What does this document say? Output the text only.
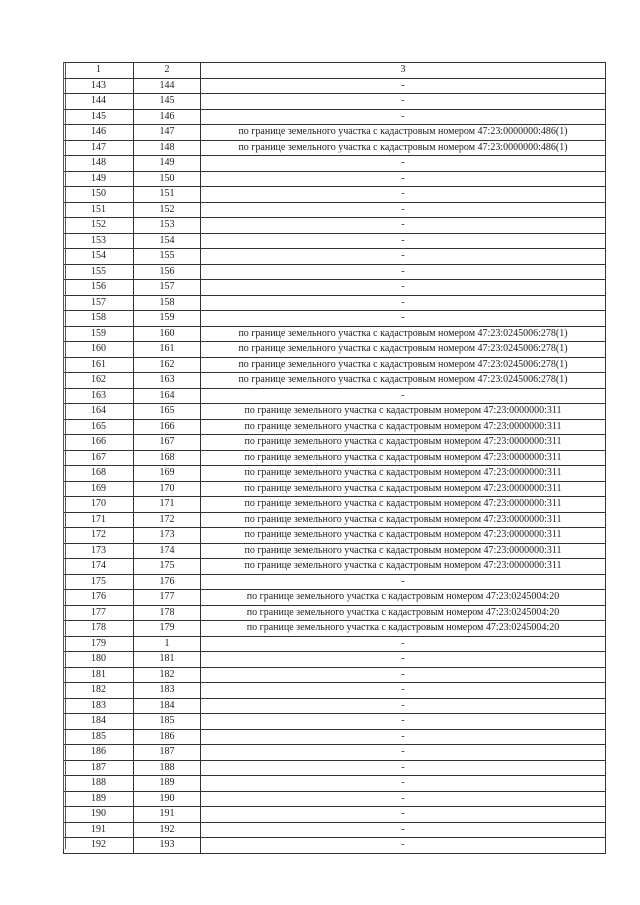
1	2	3
143	144	-
144	145	-
145	146	-
146	147	по границе земельного участка с кадастровым номером 47:23:0000000:486(1)
147	148	по границе земельного участка с кадастровым номером 47:23:0000000:486(1)
148	149	-
149	150	-
150	151	-
151	152	-
152	153	-
153	154	-
154	155	-
155	156	-
156	157	-
157	158	-
158	159	-
159	160	по границе земельного участка с кадастровым номером 47:23:0245006:278(1)
160	161	по границе земельного участка с кадастровым номером 47:23:0245006:278(1)
161	162	по границе земельного участка с кадастровым номером 47:23:0245006:278(1)
162	163	по границе земельного участка с кадастровым номером 47:23:0245006:278(1)
163	164	-
164	165	по границе земельного участка с кадастровым номером 47:23:0000000:311
165	166	по границе земельного участка с кадастровым номером 47:23:0000000:311
166	167	по границе земельного участка с кадастровым номером 47:23:0000000:311
167	168	по границе земельного участка с кадастровым номером 47:23:0000000:311
168	169	по границе земельного участка с кадастровым номером 47:23:0000000:311
169	170	по границе земельного участка с кадастровым номером 47:23:0000000:311
170	171	по границе земельного участка с кадастровым номером 47:23:0000000:311
171	172	по границе земельного участка с кадастровым номером 47:23:0000000:311
172	173	по границе земельного участка с кадастровым номером 47:23:0000000:311
173	174	по границе земельного участка с кадастровым номером 47:23:0000000:311
174	175	по границе земельного участка с кадастровым номером 47:23:0000000:311
175	176	-
176	177	по границе земельного участка с кадастровым номером 47:23:0245004:20
177	178	по границе земельного участка с кадастровым номером 47:23:0245004:20
178	179	по границе земельного участка с кадастровым номером 47:23:0245004:20
179	1	-
180	181	-
181	182	-
182	183	-
183	184	-
184	185	-
185	186	-
186	187	-
187	188	-
188	189	-
189	190	-
190	191	-
191	192	-
192	193	-
